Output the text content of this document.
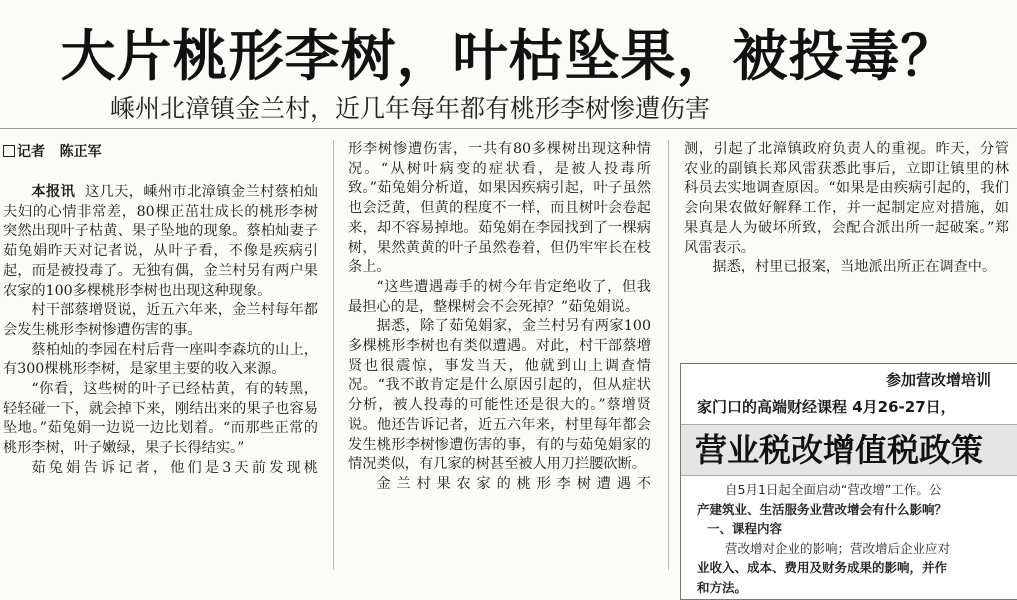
大片桃形李树，叶枯坠果，被投毒？
嵊州北漳镇金兰村，近几年每年都有桃形李树惨遭伤害
记者 陈正军

本报讯 这几天，嵊州市北漳镇金兰村蔡柏灿夫妇的心情非常差，80棵正茁壮成长的桃形李树突然出现叶子枯黄、果子坠地的现象。蔡柏灿妻子茹兔娟昨天对记者说，从叶子看，不像是疾病引起，而是被投毒了。无独有偶，金兰村另有两户果农家的100多棵桃形李树也出现这种现象。

村干部蔡增贤说，近五六年来，金兰村每年都会发生桃形李树惨遭伤害的事。

蔡柏灿的李园在村后背一座叫李森坑的山上，有300棵桃形李树，是家里主要的收入来源。

“你看，这些树的叶子已经枯黄，有的转黑，轻轻碰一下，就会掉下来，刚结出来的果子也容易坠地。”茹兔娟一边说一边比划着。“而那些正常的桃形李树，叶子嫩绿，果子长得结实。”

茹兔娟告诉记者，他们是3天前发现桃

形李树惨遭伤害，一共有80多棵树出现这种情况。“从树叶病变的症状看，是被人投毒所致。”茹兔娟分析道，如果因疾病引起，叶子虽然也会泛黄，但黄的程度不一样，而且树叶会卷起来，却不容易掉地。茹兔娟在李园找到了一棵病树，果然黄黄的叶子虽然卷着，但仍牢牢长在枝条上。

“这些遭遇毒手的树今年肯定绝收了，但我最担心的是，整棵树会不会死掉？”茹兔娟说。

据悉，除了茹兔娟家，金兰村另有两家100多棵桃形李树也有类似遭遇。对此，村干部蔡增贤也很震惊，事发当天，他就到山上调查情况。“我不敢肯定是什么原因引起的，但从症状分析，被人投毒的可能性还是很大的。”蔡增贤说。他还告诉记者，近五六年来，村里每年都会发生桃形李树惨遭伤害的事，有的与茹兔娟家的情况类似，有几家的树甚至被人用刀拦腰砍断。

金兰村果农家的桃形李树遭遇不

测，引起了北漳镇政府负责人的重视。昨天，分管农业的副镇长郑风雷获悉此事后，立即让镇里的林科员去实地调查原因。“如果是由疾病引起的，我们会向果农做好解释工作，并一起制定应对措施，如果真是人为破坏所致，会配合派出所一起破案。”郑风雷表示。

据悉，村里已报案，当地派出所正在调查中。

参加营改增培训
家门口的高端财经课程 4月26-27日，
营业税改增值税政策

自5月1日起全面启动“营改增”工作。公

产建筑业、生活服务业营改增会有什么影响？

一、课程内容

营改增对企业的影响；营改增后企业应对

业收入、成本、费用及财务成果的影响，并作

和方法。
